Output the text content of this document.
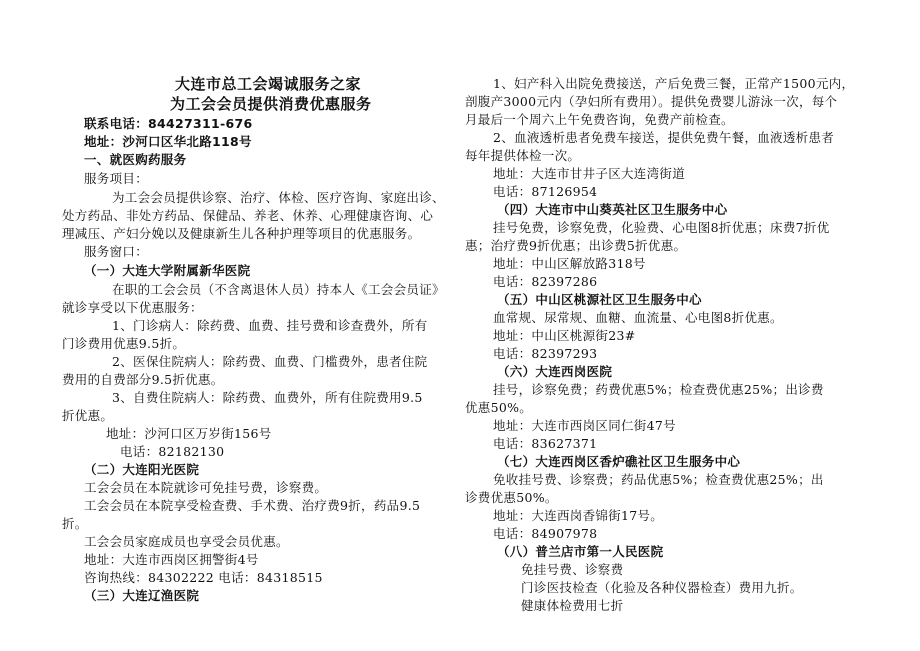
大连市总工会竭诚服务之家
为工会会员提供消费优惠服务
联系电话：84427311-676
地址：沙河口区华北路118号
一、就医购药服务
服务项目：
为工会会员提供诊察、治疗、体检、医疗咨询、家庭出诊、
处方药品、非处方药品、保健品、养老、休养、心理健康咨询、心
理减压、产妇分娩以及健康新生儿各种护理等项目的优惠服务。
服务窗口：
（一）大连大学附属新华医院
在职的工会会员（不含离退休人员）持本人《工会会员证》
就诊享受以下优惠服务：
1、门诊病人：除药费、血费、挂号费和诊查费外，所有
门诊费用优惠9.5折。
2、医保住院病人：除药费、血费、门槛费外，患者住院
费用的自费部分9.5折优惠。
3、自费住院病人：除药费、血费外，所有住院费用9.5
折优惠。
地址：沙河口区万岁街156号
电话：82182130
（二）大连阳光医院
工会会员在本院就诊可免挂号费，诊察费。
工会会员在本院享受检查费、手术费、治疗费9折，药品9.5
折。
工会会员家庭成员也享受会员优惠。
地址：大连市西岗区拥警街4号
咨询热线：84302222 电话：84318515
（三）大连辽渔医院
1、妇产科入出院免费接送，产后免费三餐，正常产1500元内，
剖腹产3000元内（孕妇所有费用）。提供免费婴儿游泳一次，每个
月最后一个周六上午免费咨询，免费产前检查。
2、血液透析患者免费车接送，提供免费午餐，血液透析患者
每年提供体检一次。
地址：大连市甘井子区大连湾街道
电话：87126954
（四）大连市中山葵英社区卫生服务中心
挂号免费，诊察免费，化验费、心电图8折优惠；床费7折优
惠；治疗费9折优惠；出诊费5折优惠。
地址：中山区解放路318号
电话：82397286
（五）中山区桃源社区卫生服务中心
血常规、尿常规、血糖、血流量、心电图8折优惠。
地址：中山区桃源街23#
电话：82397293
（六）大连西岗医院
挂号，诊察免费；药费优惠5%；检查费优惠25%；出诊费
优惠50%。
地址：大连市西岗区同仁街47号
电话：83627371
（七）大连西岗区香炉礁社区卫生服务中心
免收挂号费、诊察费；药品优惠5%；检查费优惠25%；出
诊费优惠50%。
地址：大连西岗香锦街17号。
电话：84907978
（八）普兰店市第一人民医院
免挂号费、诊察费
门诊医技检查（化验及各种仪器检查）费用九折。
健康体检费用七折
